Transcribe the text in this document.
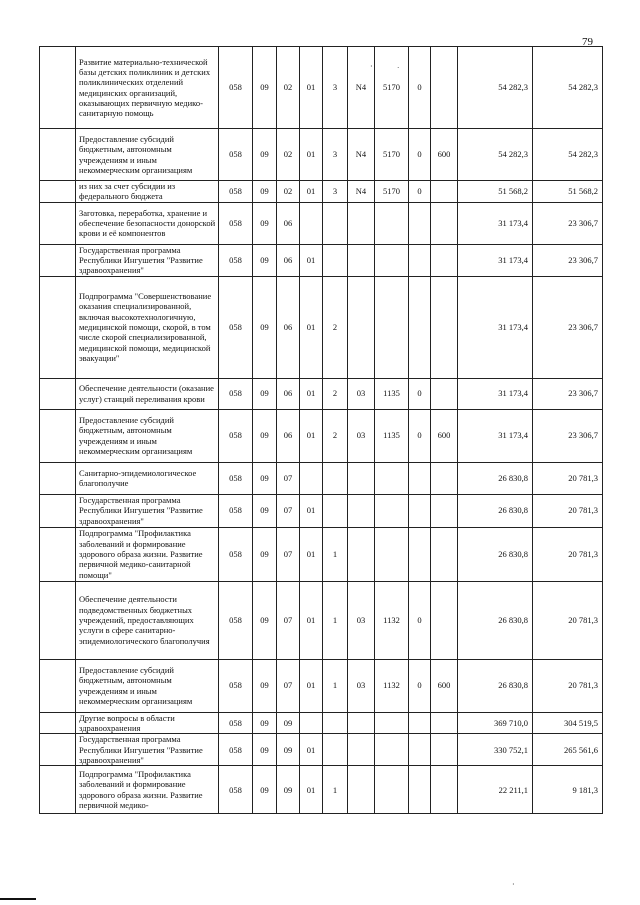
79
·	·
	Развитие материально-технической базы детских поликлиник и детских поликлинических отделений медицинских организаций, оказывающих первичную медико-санитарную помощь	058	09	02	01	3	N4	5170	0		54 282,3	54 282,3
	Предоставление субсидий бюджетным, автономным учреждениям и иным некоммерческим организациям	058	09	02	01	3	N4	5170	0	600	54 282,3	54 282,3
	из них за счет субсидии из федерального бюджета	058	09	02	01	3	N4	5170	0		51 568,2	51 568,2
	Заготовка, переработка, хранение и обеспечение безопасности донорской крови и её компонентов	058	09	06							31 173,4	23 306,7
	Государственная программа Республики Ингушетия "Развитие здравоохранения"	058	09	06	01						31 173,4	23 306,7
	Подпрограмма "Совершенствование оказания специализированной, включая высокотехнологичную, медицинской помощи, скорой, в том числе скорой специализированной, медицинской помощи, медицинской эвакуации"	058	09	06	01	2					31 173,4	23 306,7
	Обеспечение деятельности (оказание услуг) станций переливания крови	058	09	06	01	2	03	1135	0		31 173,4	23 306,7
	Предоставление субсидий бюджетным, автономным учреждениям и иным некоммерческим организациям	058	09	06	01	2	03	1135	0	600	31 173,4	23 306,7
	Санитарно-эпидемиологическое благополучие	058	09	07							26 830,8	20 781,3
	Государственная программа Республики Ингушетия "Развитие здравоохранения"	058	09	07	01						26 830,8	20 781,3
	Подпрограмма "Профилактика заболеваний и формирование здорового образа жизни. Развитие первичной медико-санитарной помощи"	058	09	07	01	1					26 830,8	20 781,3
	Обеспечение деятельности подведомственных бюджетных учреждений, предоставляющих услуги в сфере санитарно-эпидемиологического благополучия	058	09	07	01	1	03	1132	0		26 830,8	20 781,3
	Предоставление субсидий бюджетным, автономным учреждениям и иным некоммерческим организациям	058	09	07	01	1	03	1132	0	600	26 830,8	20 781,3
	Другие вопросы в области здравоохранения	058	09	09							369 710,0	304 519,5
	Государственная программа Республики Ингушетия "Развитие здравоохранения"	058	09	09	01						330 752,1	265 561,6
	Подпрограмма "Профилактика заболеваний и формирование здорового образа жизни. Развитие первичной медико-	058	09	09	01	1					22 211,1	9 181,3
·
